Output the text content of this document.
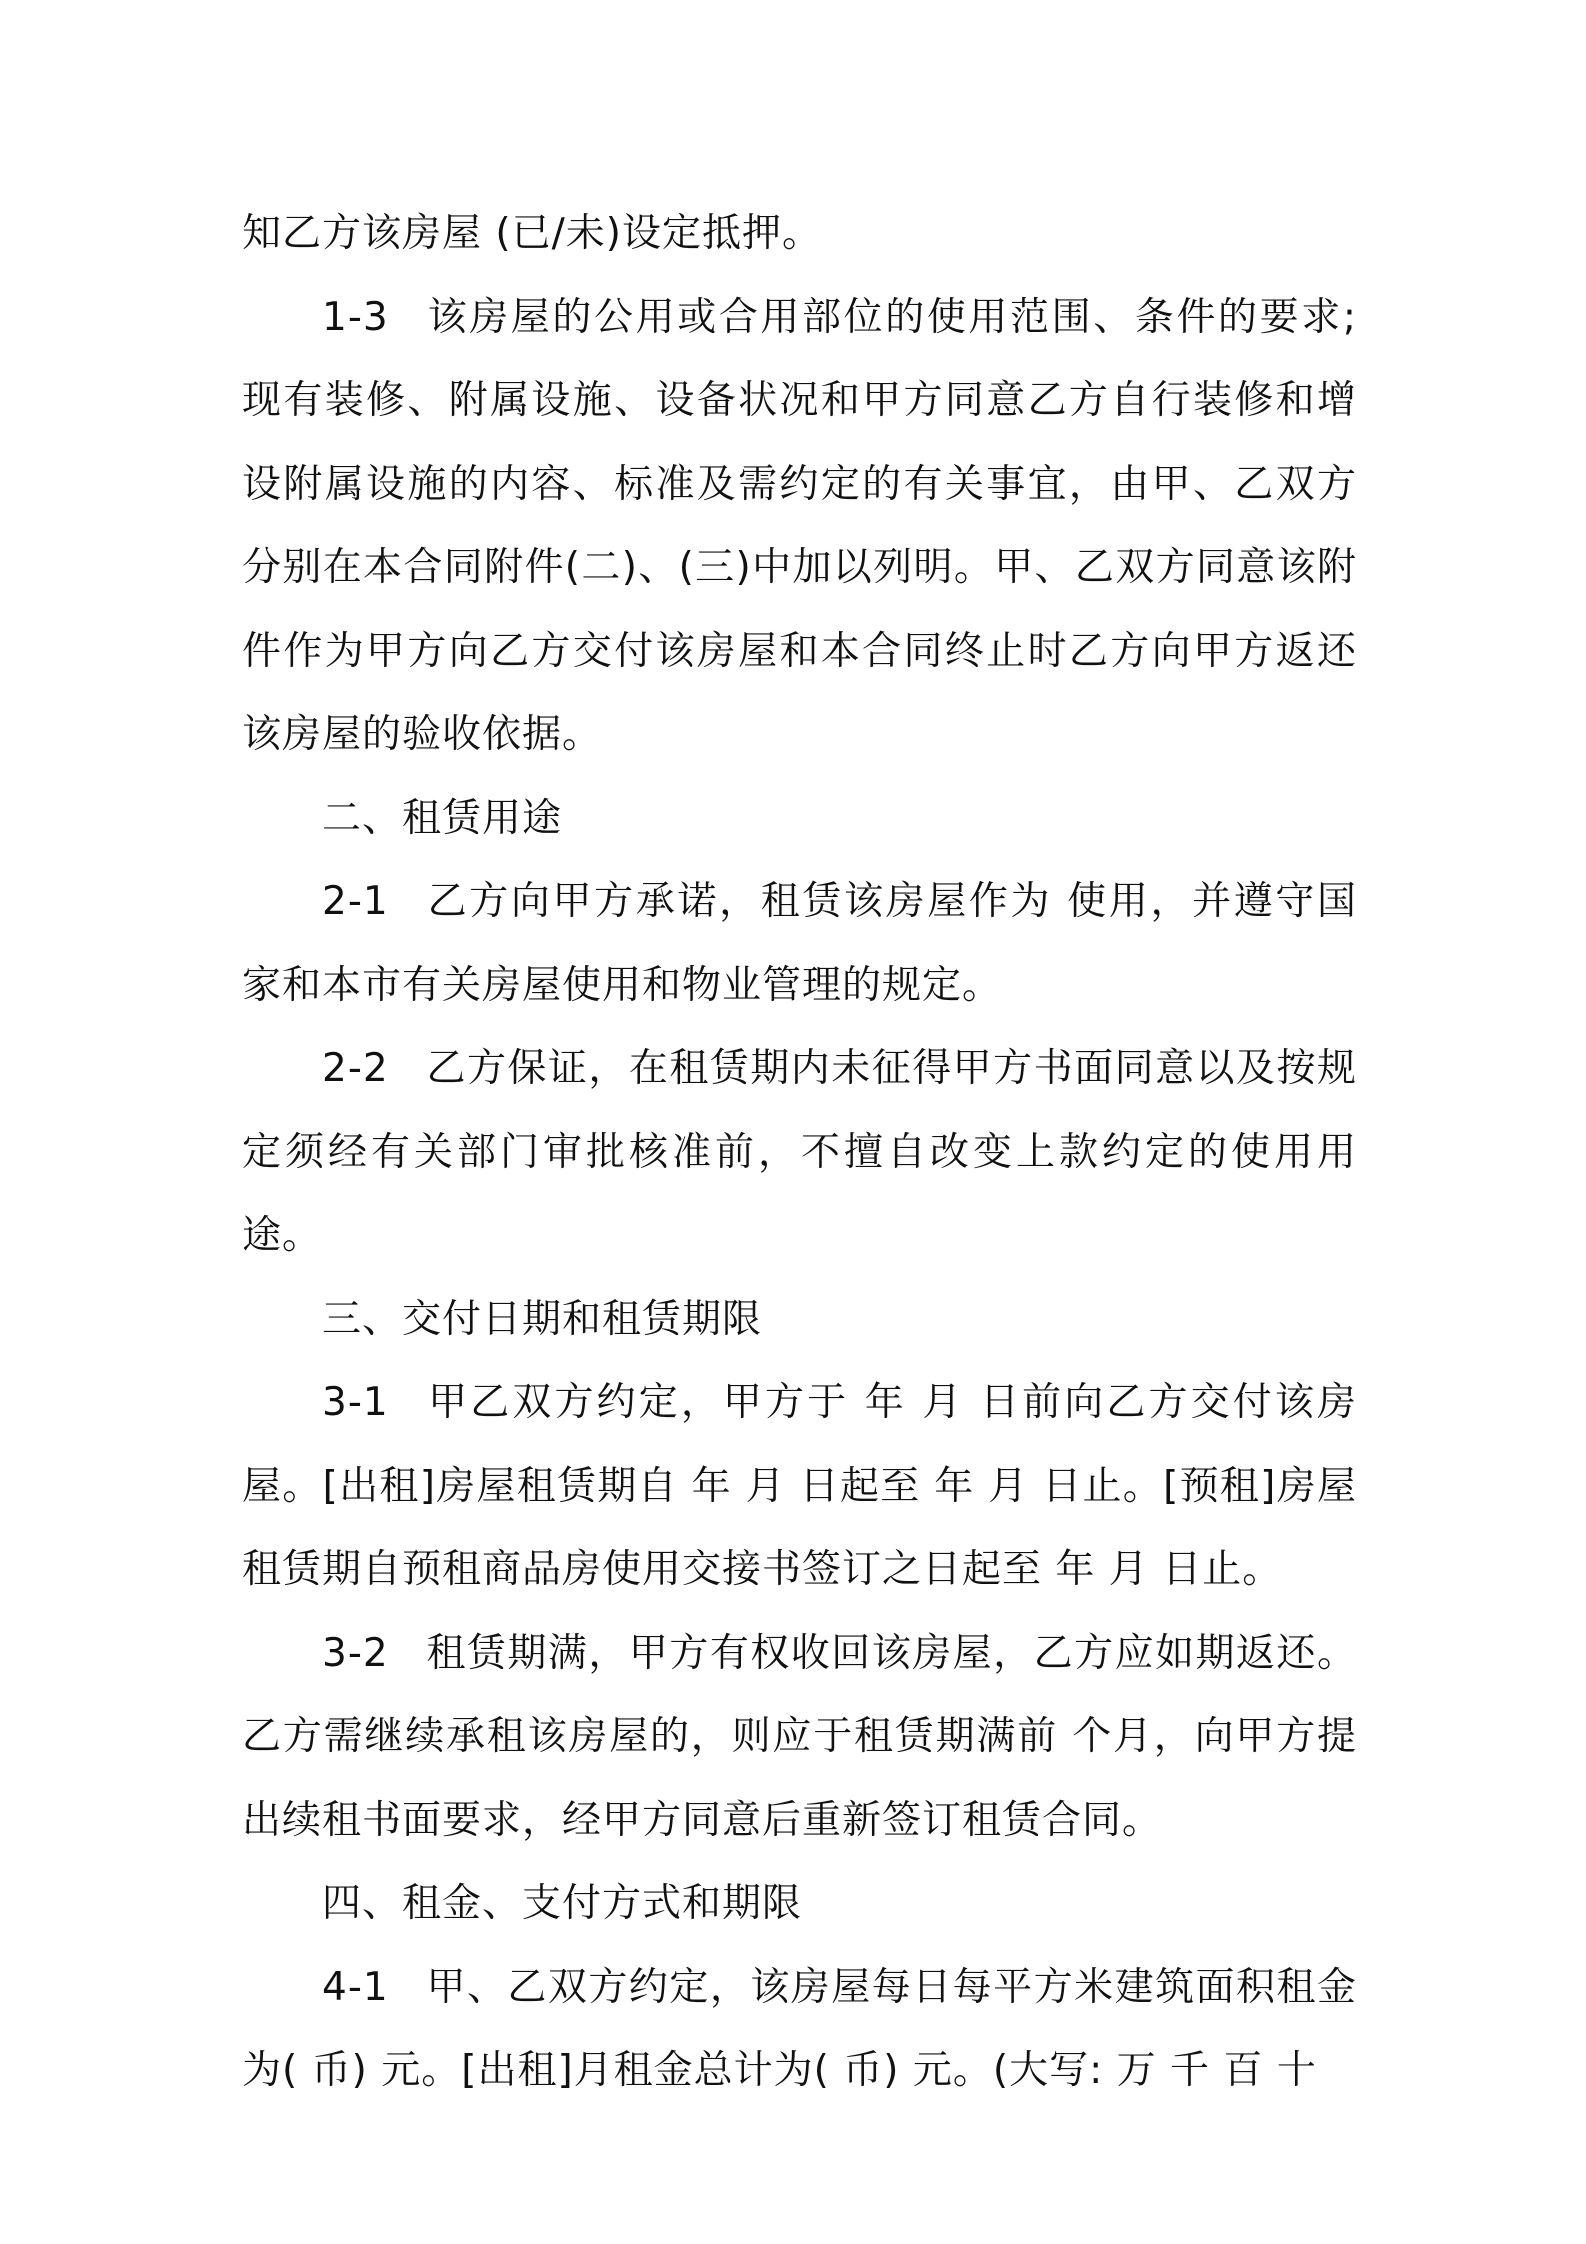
知乙方该房屋 (已/未)设定抵押。

1-3 该房屋的公用或合用部位的使用范围、条件的要求;现有装修、附属设施、设备状况和甲方同意乙方自行装修和增设附属设施的内容、标准及需约定的有关事宜，由甲、乙双方分别在本合同附件(二)、(三)中加以列明。甲、乙双方同意该附件作为甲方向乙方交付该房屋和本合同终止时乙方向甲方返还该房屋的验收依据。

二、租赁用途

2-1 乙方向甲方承诺，租赁该房屋作为 使用，并遵守国家和本市有关房屋使用和物业管理的规定。

2-2 乙方保证，在租赁期内未征得甲方书面同意以及按规定须经有关部门审批核准前，不擅自改变上款约定的使用用途。

三、交付日期和租赁期限

3-1 甲乙双方约定，甲方于 年 月 日前向乙方交付该房屋。[出租]房屋租赁期自 年 月 日起至 年 月 日止。[预租]房屋租赁期自预租商品房使用交接书签订之日起至 年 月 日止。

3-2 租赁期满，甲方有权收回该房屋，乙方应如期返还。乙方需继续承租该房屋的，则应于租赁期满前 个月，向甲方提出续租书面要求，经甲方同意后重新签订租赁合同。

四、租金、支付方式和期限

4-1 甲、乙双方约定，该房屋每日每平方米建筑面积租金为( 币) 元。[出租]月租金总计为( 币) 元。(大写: 万 千 百 十
